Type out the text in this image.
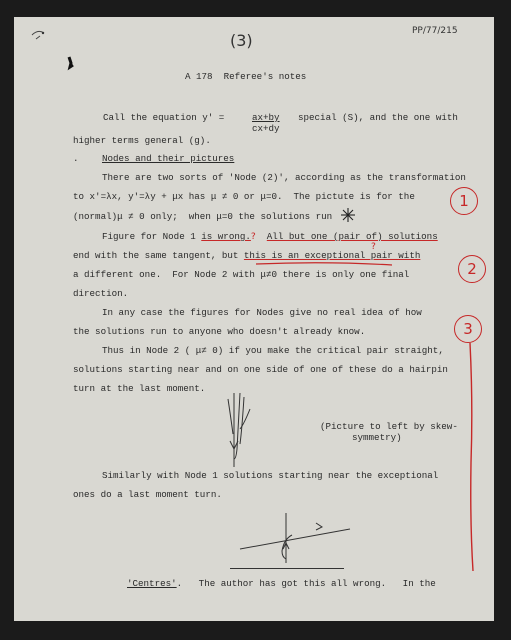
(3)	PP/77/215
A 178  Referee's notes
Call the equation y' =	ax+by
cx+dy
special (S), and the one with
higher terms general (g).
.	Nodes and their pictures
There are two sorts of 'Node (2)', according as the transformation
to x'=λx, y'=λy + μx has μ ≠ 0 or μ=0.  The pictute is for the
(normal)μ ≠ 0 only;  when μ=0 the solutions run
Figure for Node 1 is wrong.? All but one (pair of) solutions
end with the same tangent, but this is an exceptional pair with
?
a different one.  For Node 2 with μ≠0 there is only one final
direction.
In any case the figures for Nodes give no real idea of how
the solutions run to anyone who doesn't already know.
Thus in Node 2 ( μ≠ 0) if you make the critical pair straight,
solutions starting near and on one side of one of these do a hairpin
turn at the last moment.
(Picture to left by skew-
symmetry)
Similarly with Node 1 solutions starting near the exceptional
ones do a last moment turn.
'Centres'.   The author has got this all wrong.   In the
1
2
3
